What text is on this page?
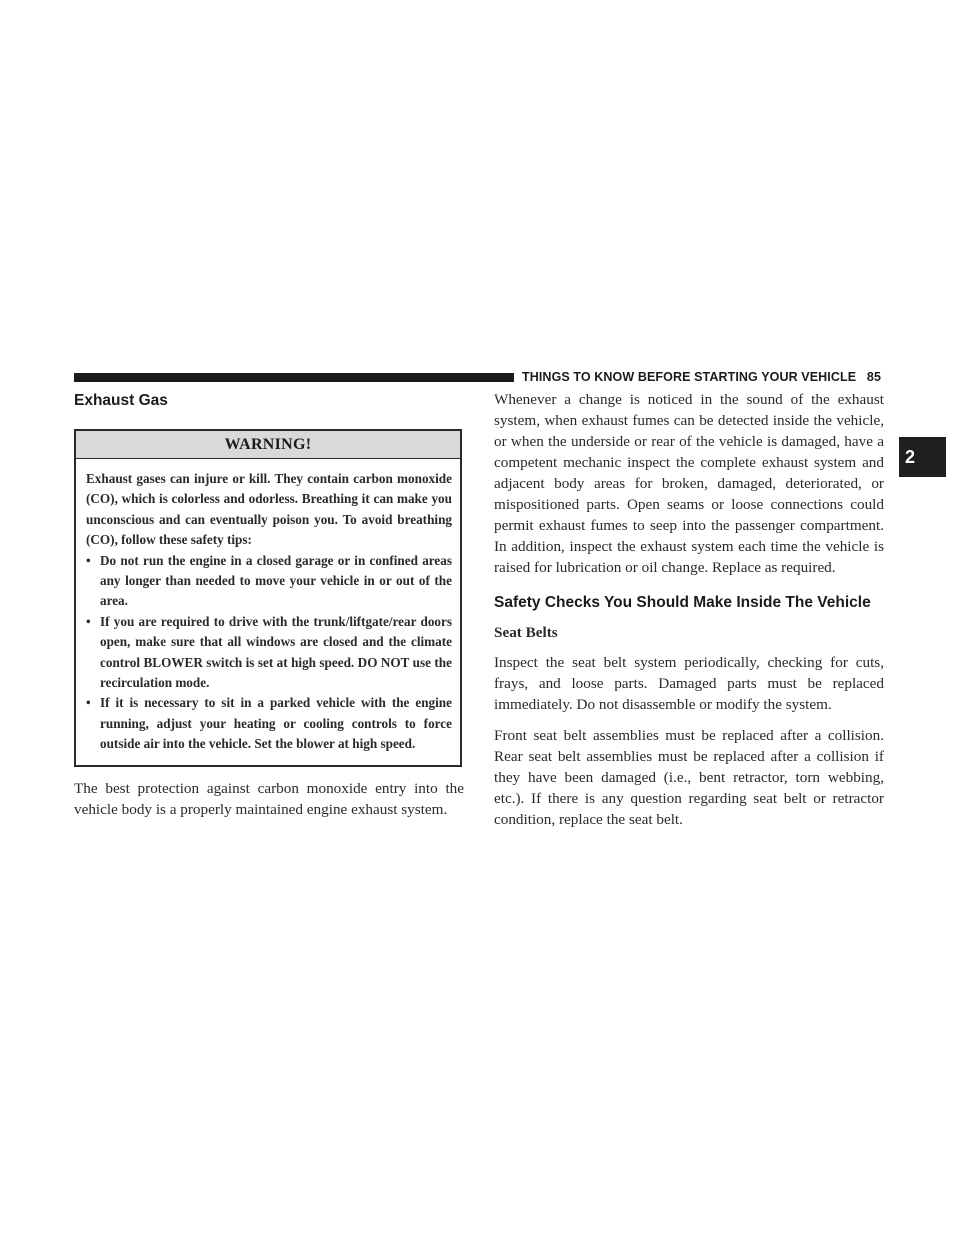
THINGS TO KNOW BEFORE STARTING YOUR VEHICLE 85
2
Exhaust Gas
WARNING!

Exhaust gases can injure or kill. They contain carbon monoxide (CO), which is colorless and odorless. Breathing it can make you unconscious and can eventually poison you. To avoid breathing (CO), follow these safety tips:

• Do not run the engine in a closed garage or in confined areas any longer than needed to move your vehicle in or out of the area.
• If you are required to drive with the trunk/liftgate/rear doors open, make sure that all windows are closed and the climate control BLOWER switch is set at high speed. DO NOT use the recirculation mode.
• If it is necessary to sit in a parked vehicle with the engine running, adjust your heating or cooling controls to force outside air into the vehicle. Set the blower at high speed.

The best protection against carbon monoxide entry into the vehicle body is a properly maintained engine exhaust system.

Whenever a change is noticed in the sound of the exhaust system, when exhaust fumes can be detected inside the vehicle, or when the underside or rear of the vehicle is damaged, have a competent mechanic inspect the complete exhaust system and adjacent body areas for broken, damaged, deteriorated, or mispositioned parts. Open seams or loose connections could permit exhaust fumes to seep into the passenger compartment. In addition, inspect the exhaust system each time the vehicle is raised for lubrication or oil change. Replace as required.

Safety Checks You Should Make Inside The Vehicle
Seat Belts

Inspect the seat belt system periodically, checking for cuts, frays, and loose parts. Damaged parts must be replaced immediately. Do not disassemble or modify the system.

Front seat belt assemblies must be replaced after a collision. Rear seat belt assemblies must be replaced after a collision if they have been damaged (i.e., bent retractor, torn webbing, etc.). If there is any question regarding seat belt or retractor condition, replace the seat belt.
